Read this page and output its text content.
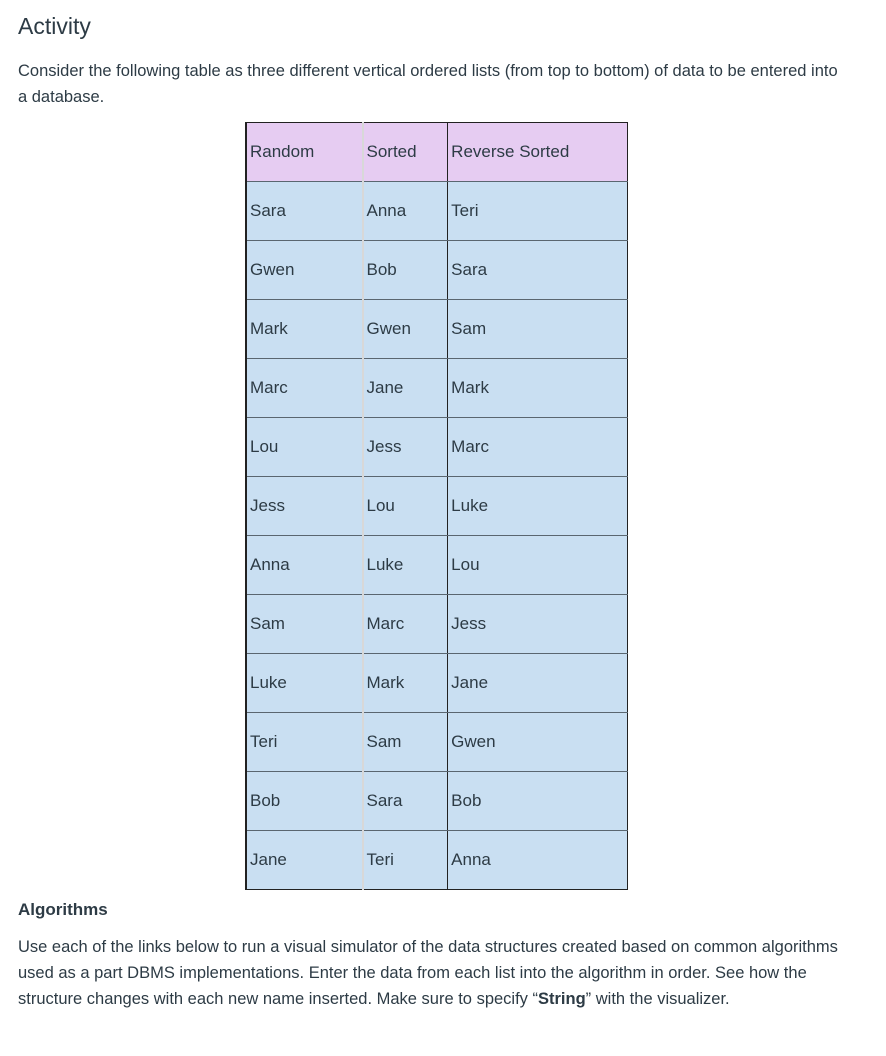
Activity

Consider the following table as three different vertical ordered lists (from top to bottom) of data to be entered into a database.

Random	Sorted	Reverse Sorted
Sara	Anna	Teri
Gwen	Bob	Sara
Mark	Gwen	Sam
Marc	Jane	Mark
Lou	Jess	Marc
Jess	Lou	Luke
Anna	Luke	Lou
Sam	Marc	Jess
Luke	Mark	Jane
Teri	Sam	Gwen
Bob	Sara	Bob
Jane	Teri	Anna
Algorithms

Use each of the links below to run a visual simulator of the data structures created based on common algorithms used as a part DBMS implementations. Enter the data from each list into the algorithm in order. See how the structure changes with each new name inserted. Make sure to specify “String” with the visualizer.
